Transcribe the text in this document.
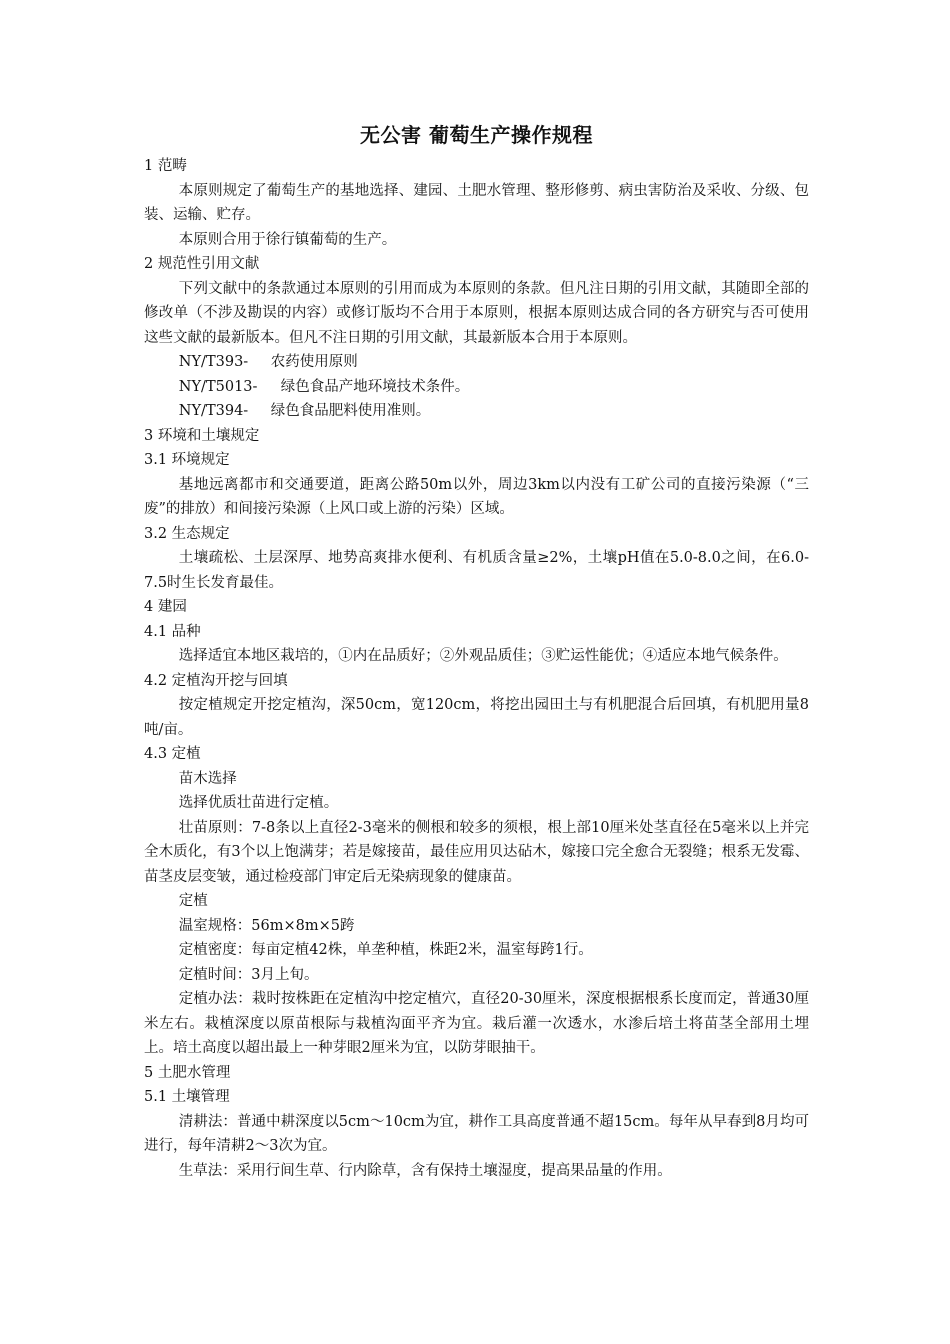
无公害 葡萄生产操作规程

1 范畴

本原则规定了葡萄生产的基地选择、建园、土肥水管理、整形修剪、病虫害防治及采收、分级、包装、运输、贮存。

本原则合用于徐行镇葡萄的生产。

2 规范性引用文献

下列文献中的条款通过本原则的引用而成为本原则的条款。但凡注日期的引用文献，其随即全部的修改单（不涉及勘误的内容）或修订版均不合用于本原则，根据本原则达成合同的各方研究与否可使用这些文献的最新版本。但凡不注日期的引用文献，其最新版本合用于本原则。

NY/T393- 农药使用原则

NY/T5013- 绿色食品产地环境技术条件。

NY/T394- 绿色食品肥料使用准则。

3 环境和土壤规定

3.1 环境规定

基地远离都市和交通要道，距离公路50m以外，周边3km以内没有工矿公司的直接污染源（“三废”的排放）和间接污染源（上风口或上游的污染）区域。

3.2 生态规定

土壤疏松、土层深厚、地势高爽排水便利、有机质含量≥2%，土壤pH值在5.0-8.0之间，在6.0-7.5时生长发育最佳。

4 建园

4.1 品种

选择适宜本地区栽培的，①内在品质好；②外观品质佳；③贮运性能优；④适应本地气候条件。

4.2 定植沟开挖与回填

按定植规定开挖定植沟，深50cm，宽120cm，将挖出园田土与有机肥混合后回填，有机肥用量8吨/亩。

4.3 定植

苗木选择

选择优质壮苗进行定植。

壮苗原则：7-8条以上直径2-3毫米的侧根和较多的须根，根上部10厘米处茎直径在5毫米以上并完全木质化，有3个以上饱满芽；若是嫁接苗，最佳应用贝达砧木，嫁接口完全愈合无裂缝；根系无发霉、苗茎皮层变皱，通过检疫部门审定后无染病现象的健康苗。

定植

温室规格：56m×8m×5跨

定植密度：每亩定植42株，单垄种植，株距2米，温室每跨1行。

定植时间：3月上旬。

定植办法：栽时按株距在定植沟中挖定植穴，直径20-30厘米，深度根据根系长度而定，普通30厘米左右。栽植深度以原苗根际与栽植沟面平齐为宜。栽后灌一次透水，水渗后培土将苗茎全部用土埋上。培土高度以超出最上一种芽眼2厘米为宜，以防芽眼抽干。

5 土肥水管理

5.1 土壤管理

清耕法：普通中耕深度以5cm～10cm为宜，耕作工具高度普通不超15cm。每年从早春到8月均可进行，每年清耕2～3次为宜。

生草法：采用行间生草、行内除草，含有保持土壤湿度，提高果品量的作用。
